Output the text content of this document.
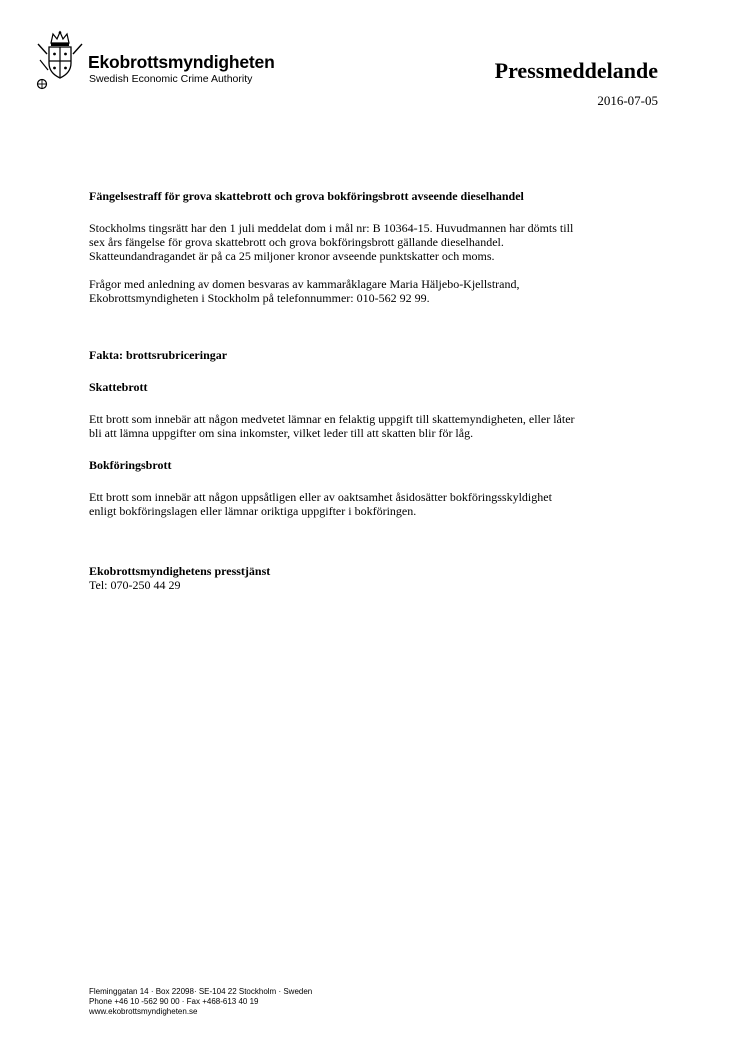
Ekobrottsmyndigheten
Swedish Economic Crime Authority	Pressmeddelande
2016-07-05

Fängelsestraff för grova skattebrott och grova bokföringsbrott avseende dieselhandel

Stockholms tingsrätt har den 1 juli meddelat dom i mål nr: B 10364-15. Huvudmannen har dömts till
sex års fängelse för grova skattebrott och grova bokföringsbrott gällande dieselhandel.
Skatteundandragandet är på ca 25 miljoner kronor avseende punktskatter och moms.

Frågor med anledning av domen besvaras av kammaråklagare Maria Häljebo-Kjellstrand,
Ekobrottsmyndigheten i Stockholm på telefonnummer: 010-562 92 99.

Fakta: brottsrubriceringar

Skattebrott

Ett brott som innebär att någon medvetet lämnar en felaktig uppgift till skattemyndigheten, eller låter
bli att lämna uppgifter om sina inkomster, vilket leder till att skatten blir för låg.

Bokföringsbrott

Ett brott som innebär att någon uppsåtligen eller av oaktsamhet åsidosätter bokföringsskyldighet
enligt bokföringslagen eller lämnar oriktiga uppgifter i bokföringen.

Ekobrottsmyndighetens presstjänst

Tel: 070-250 44 29

Fleminggatan 14 · Box 22098· SE-104 22 Stockholm · Sweden
Phone +46 10 -562 90 00 · Fax +468-613 40 19
www.ekobrottsmyndigheten.se
